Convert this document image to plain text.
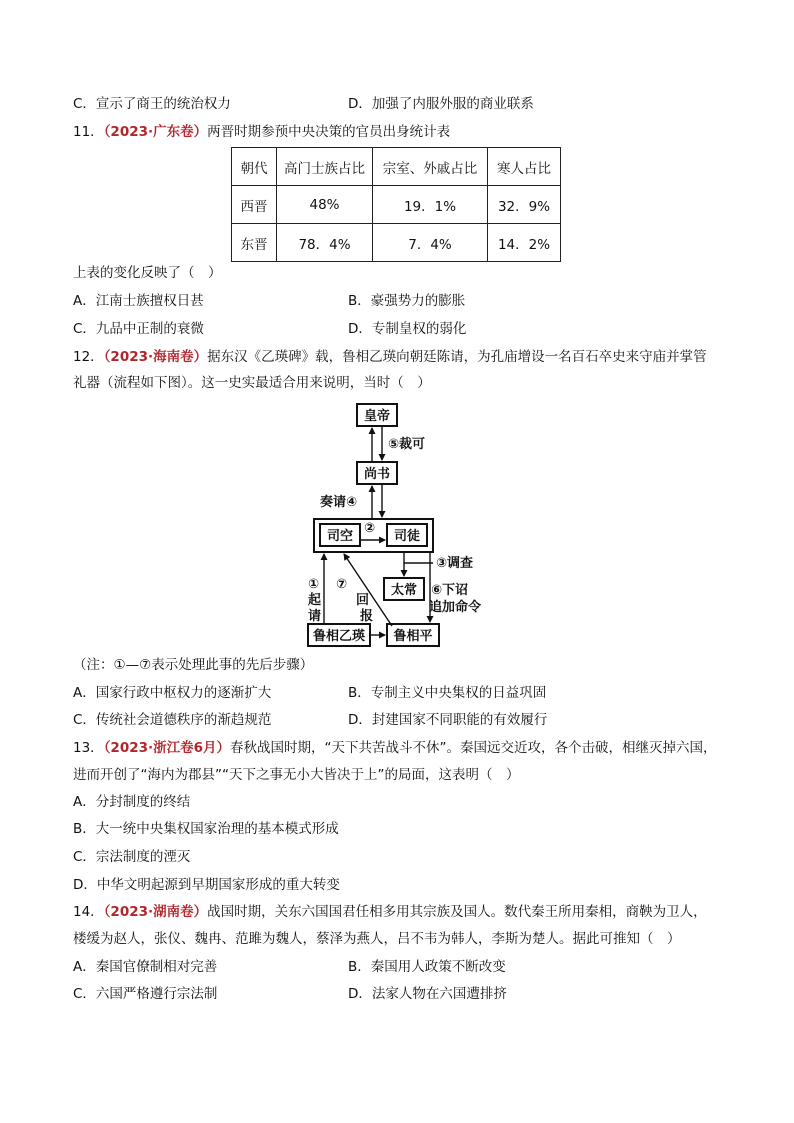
C．宣示了商王的统治权力	D．加强了内服外服的商业联系
11．（2023·广东卷）两晋时期参预中央决策的官员出身统计表
朝代	高门士族占比	宗室、外戚占比	寒人占比
西晋	48%	19．1%	32．9%
东晋	78．4%	7．4%	14．2%
上表的变化反映了（　）
A．江南士族擅权日甚	B．豪强势力的膨胀
C．九品中正制的衰微	D．专制皇权的弱化
12．（2023·海南卷）据东汉《乙瑛碑》载，鲁相乙瑛向朝廷陈请，为孔庙增设一名百石卒史来守庙并掌管
礼器（流程如下图）。这一史实最适合用来说明，当时（　）
皇帝
尚书
司空	司徒
太常
鲁相乙瑛 鲁相平
⑤裁可
奏请④
②
③调查
⑥下诏
追加命令
①
起
请
⑦
回
报
（注：①—⑦表示处理此事的先后步骤）
A．国家行政中枢权力的逐渐扩大	B．专制主义中央集权的日益巩固
C．传统社会道德秩序的渐趋规范	D．封建国家不同职能的有效履行
13．（2023·浙江卷6月）春秋战国时期，“天下共苦战斗不休”。秦国远交近攻，各个击破，相继灭掉六国，
进而开创了“海内为郡县”“天下之事无小大皆决于上”的局面，这表明（　）
A．分封制度的终结
B．大一统中央集权国家治理的基本模式形成
C．宗法制度的湮灭
D．中华文明起源到早期国家形成的重大转变
14．（2023·湖南卷）战国时期，关东六国国君任相多用其宗族及国人。数代秦王所用秦相，商鞅为卫人，
楼缓为赵人，张仪、魏冉、范雎为魏人，蔡泽为燕人，吕不韦为韩人，李斯为楚人。据此可推知（　）
A．秦国官僚制相对完善	B．秦国用人政策不断改变
C．六国严格遵行宗法制	D．法家人物在六国遭排挤
